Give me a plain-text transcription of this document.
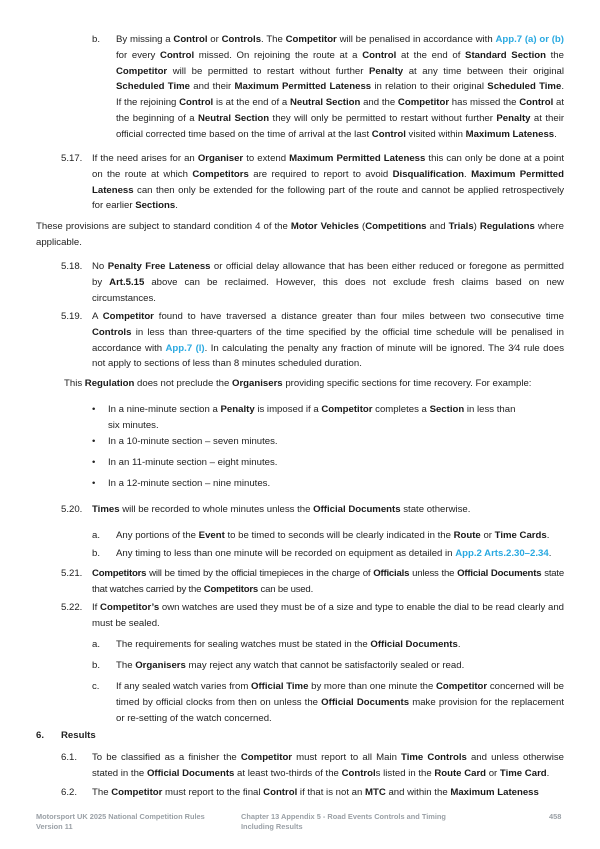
b. By missing a Control or Controls. The Competitor will be penalised in accordance with App.7 (a) or (b) for every Control missed. On rejoining the route at a Control at the end of Standard Section the Competitor will be permitted to restart without further Penalty at any time between their original Scheduled Time and their Maximum Permitted Lateness in relation to their original Scheduled Time. If the rejoining Control is at the end of a Neutral Section and the Competitor has missed the Control at the beginning of a Neutral Section they will only be permitted to restart without further Penalty at their official corrected time based on the time of arrival at the last Control visited within Maximum Lateness.
5.17. If the need arises for an Organiser to extend Maximum Permitted Lateness this can only be done at a point on the route at which Competitors are required to report to avoid Disqualification. Maximum Permitted Lateness can then only be extended for the following part of the route and cannot be applied retrospectively for earlier Sections.
These provisions are subject to standard condition 4 of the Motor Vehicles (Competitions and Trials) Regulations where applicable.
5.18. No Penalty Free Lateness or official delay allowance that has been either reduced or foregone as permitted by Art.5.15 above can be reclaimed. However, this does not exclude fresh claims based on new circumstances.
5.19. A Competitor found to have traversed a distance greater than four miles between two consecutive time Controls in less than three-quarters of the time specified by the official time schedule will be penalised in accordance with App.7 (l). In calculating the penalty any fraction of minute will be ignored. The 3⁄4 rule does not apply to sections of less than 8 minutes scheduled duration.
This Regulation does not preclude the Organisers providing specific sections for time recovery. For example:
• In a nine-minute section a Penalty is imposed if a Competitor completes a Section in less than
six minutes.
• In a 10-minute section – seven minutes.
• In an 11-minute section – eight minutes.
• In a 12-minute section – nine minutes.
5.20. Times will be recorded to whole minutes unless the Official Documents state otherwise.
a. Any portions of the Event to be timed to seconds will be clearly indicated in the Route or Time Cards.
b. Any timing to less than one minute will be recorded on equipment as detailed in App.2 Arts.2.30–2.34.
5.21. Competitors will be timed by the official timepieces in the charge of Officials unless the Official Documents state that watches carried by the Competitors can be used.
5.22. If Competitor’s own watches are used they must be of a size and type to enable the dial to be read clearly and must be sealed.
a. The requirements for sealing watches must be stated in the Official Documents.
b. The Organisers may reject any watch that cannot be satisfactorily sealed or read.
c. If any sealed watch varies from Official Time by more than one minute the Competitor concerned will be timed by official clocks from then on unless the Official Documents make provision for the replacement or re-setting of the watch concerned.
6. Results
6.1. To be classified as a finisher the Competitor must report to all Main Time Controls and unless otherwise stated in the Official Documents at least two-thirds of the Controls listed in the Route Card or Time Card.
6.2. The Competitor must report to the final Control if that is not an MTC and within the Maximum Lateness
Motorsport UK 2025 National Competition Rules
Version 11
Chapter 13 Appendix 5 - Road Events Controls and Timing
Including Results
458
